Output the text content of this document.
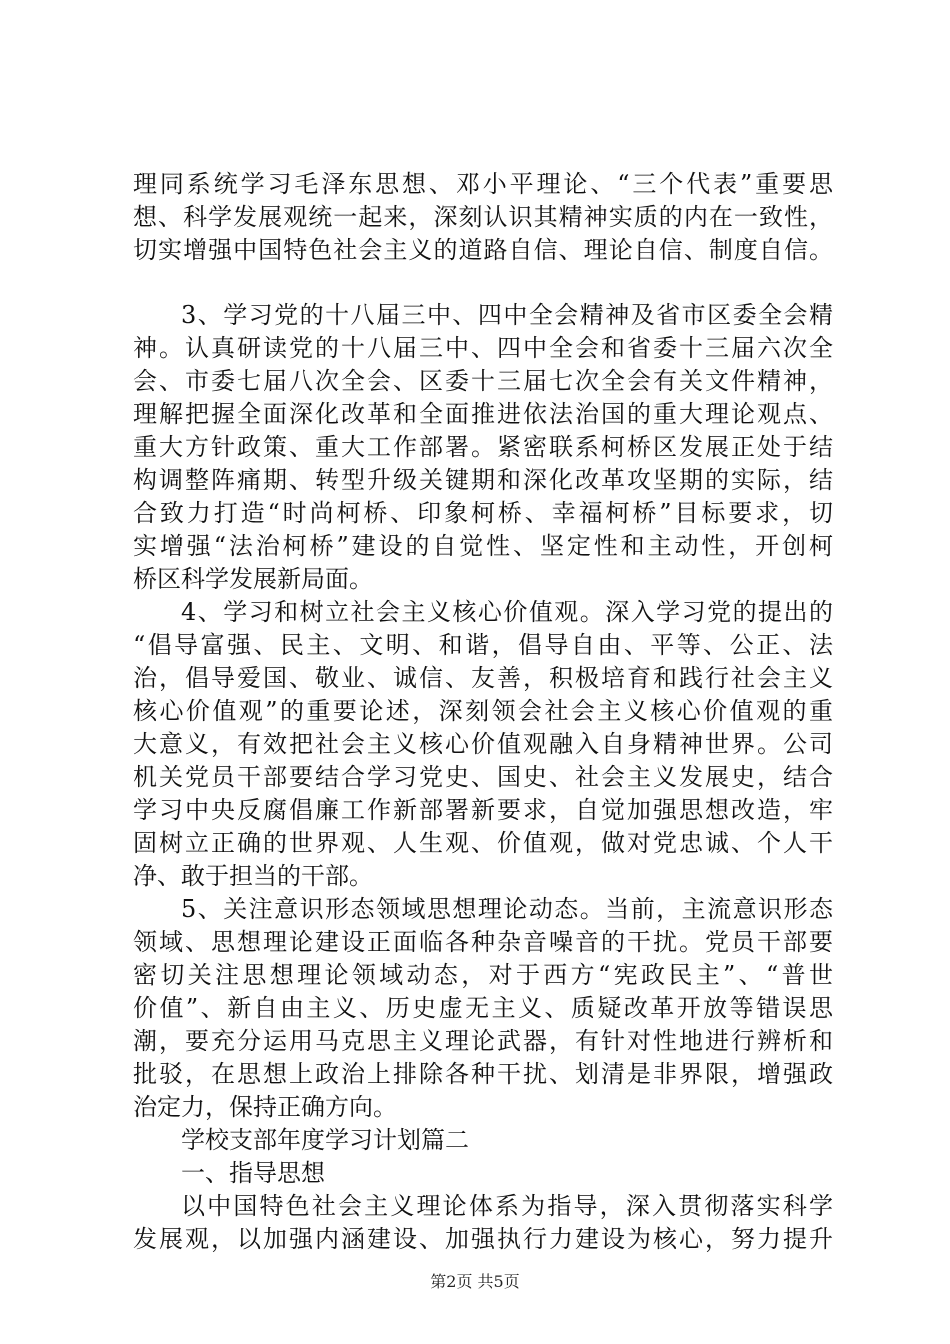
理同系统学习毛泽东思想、邓小平理论、“三个代表”重要思
想、科学发展观统一起来，深刻认识其精神实质的内在一致性，
切实增强中国特色社会主义的道路自信、理论自信、制度自信。
3、学习党的十八届三中、四中全会精神及省市区委全会精
神。认真研读党的十八届三中、四中全会和省委十三届六次全
会、市委七届八次全会、区委十三届七次全会有关文件精神，
理解把握全面深化改革和全面推进依法治国的重大理论观点、
重大方针政策、重大工作部署。紧密联系柯桥区发展正处于结
构调整阵痛期、转型升级关键期和深化改革攻坚期的实际，结
合致力打造“时尚柯桥、印象柯桥、幸福柯桥”目标要求，切
实增强“法治柯桥”建设的自觉性、坚定性和主动性，开创柯
桥区科学发展新局面。
4、学习和树立社会主义核心价值观。深入学习党的提出的
“倡导富强、民主、文明、和谐，倡导自由、平等、公正、法
治，倡导爱国、敬业、诚信、友善，积极培育和践行社会主义
核心价值观”的重要论述，深刻领会社会主义核心价值观的重
大意义，有效把社会主义核心价值观融入自身精神世界。公司
机关党员干部要结合学习党史、国史、社会主义发展史，结合
学习中央反腐倡廉工作新部署新要求，自觉加强思想改造，牢
固树立正确的世界观、人生观、价值观，做对党忠诚、个人干
净、敢于担当的干部。
5、关注意识形态领域思想理论动态。当前，主流意识形态
领域、思想理论建设正面临各种杂音噪音的干扰。党员干部要
密切关注思想理论领域动态，对于西方“宪政民主”、“普世
价值”、新自由主义、历史虚无主义、质疑改革开放等错误思
潮，要充分运用马克思主义理论武器，有针对性地进行辨析和
批驳，在思想上政治上排除各种干扰、划清是非界限，增强政
治定力，保持正确方向。
学校支部年度学习计划篇二
一、指导思想
以中国特色社会主义理论体系为指导，深入贯彻落实科学
发展观，以加强内涵建设、加强执行力建设为核心，努力提升
第2页 共5页
